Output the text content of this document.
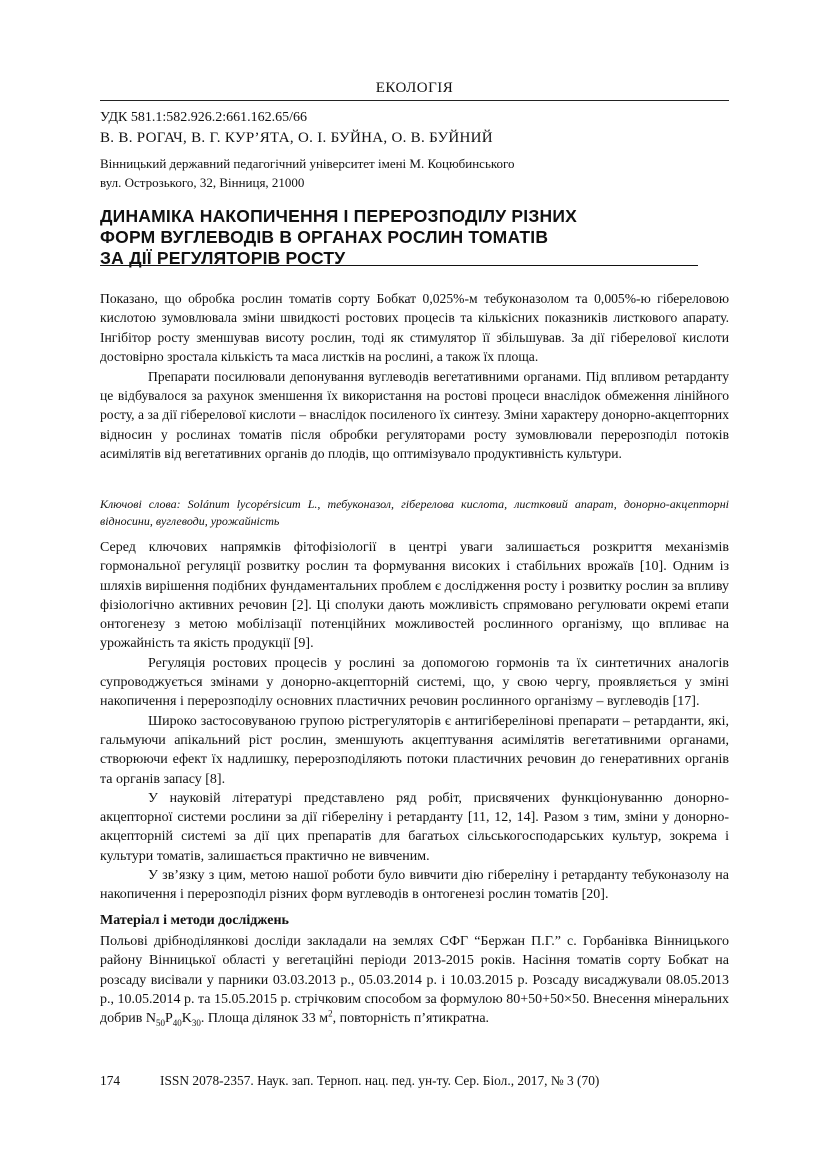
ЕКОЛОГІЯ
УДК 581.1:582.926.2:661.162.65/66
В. В. РОГАЧ, В. Г. КУР’ЯТА, О. І. БУЙНА, О. В. БУЙНИЙ
Вінницький державний педагогічний університет імені М. Коцюбинського
вул. Острозького, 32, Вінниця, 21000
ДИНАМІКА НАКОПИЧЕННЯ І ПЕРЕРОЗПОДІЛУ РІЗНИХ
ФОРМ ВУГЛЕВОДІВ В ОРГАНАХ РОСЛИН ТОМАТІВ
ЗА ДІЇ РЕГУЛЯТОРІВ РОСТУ

Показано, що обробка рослин томатів сорту Бобкат 0,025%-м тебуконазолом та 0,005%-ю гібереловою кислотою зумовлювала зміни швидкості ростових процесів та кількісних показників листкового апарату. Інгібітор росту зменшував висоту рослин, тоді як стимулятор її збільшував. За дії гіберелової кислоти достовірно зростала кількість та маса листків на рослині, а також їх площа.

Препарати посилювали депонування вуглеводів вегетативними органами. Під впливом ретарданту це відбувалося за рахунок зменшення їх використання на ростові процеси внаслідок обмеження лінійного росту, а за дії гіберелової кислоти – внаслідок посиленого їх синтезу. Зміни характеру донорно-акцепторних відносин у рослинах томатів після обробки регуляторами росту зумовлювали перерозподіл потоків асимілятів від вегетативних органів до плодів, що оптимізувало продуктивність культури.

Ключові слова: Solánum lycopérsicum L., тебуконазол, гіберелова кислота, листковий апарат, донорно-акцепторні відносини, вуглеводи, урожайність

Серед ключових напрямків фітофізіології в центрі уваги залишається розкриття механізмів гормональної регуляції розвитку рослин та формування високих і стабільних врожаїв [10]. Одним із шляхів вирішення подібних фундаментальних проблем є дослідження росту і розвитку рослин за впливу фізіологічно активних речовин [2]. Ці сполуки дають можливість спрямовано регулювати окремі етапи онтогенезу з метою мобілізації потенційних можливостей рослинного організму, що впливає на урожайність та якість продукції [9].

Регуляція ростових процесів у рослині за допомогою гормонів та їх синтетичних аналогів супроводжується змінами у донорно-акцепторній системі, що, у свою чергу, проявляється у зміні накопичення і перерозподілу основних пластичних речовин рослинного організму – вуглеводів [17].

Широко застосовуваною групою рістрегуляторів є антигіберелінові препарати – ретарданти, які, гальмуючи апікальний ріст рослин, зменшують акцептування асимілятів вегетативними органами, створюючи ефект їх надлишку, перерозподіляють потоки пластичних речовин до генеративних органів та органів запасу [8].

У науковій літературі представлено ряд робіт, присвячених функціонуванню донорно-акцепторної системи рослини за дії гібереліну і ретарданту [11, 12, 14]. Разом з тим, зміни у донорно-акцепторній системі за дії цих препаратів для багатьох сільськогосподарських культур, зокрема і культури томатів, залишається практично не вивченим.

У зв’язку з цим, метою нашої роботи було вивчити дію гібереліну і ретарданту тебуконазолу на накопичення і перерозподіл різних форм вуглеводів в онтогенезі рослин томатів [20].

Матеріал і методи досліджень

Польові дрібноділянкові досліди закладали на землях СФГ “Бержан П.Г.” с. Горбанівка Вінницького району Вінницької області у вегетаційні періоди 2013-2015 років. Насіння томатів сорту Бобкат на розсаду висівали у парники 03.03.2013 р., 05.03.2014 р. і 10.03.2015 р. Розсаду висаджували 08.05.2013 р., 10.05.2014 р. та 15.05.2015 р. стрічковим способом за формулою 80+50+50×50. Внесення мінеральних добрив $N_{50}P_{40}K_{30}$. Площа ділянок 33 $м^2$, повторність п’ятикратна.

174	ISSN 2078-2357. Наук. зап. Терноп. нац. пед. ун-ту. Сер. Біол., 2017, № 3 (70)
